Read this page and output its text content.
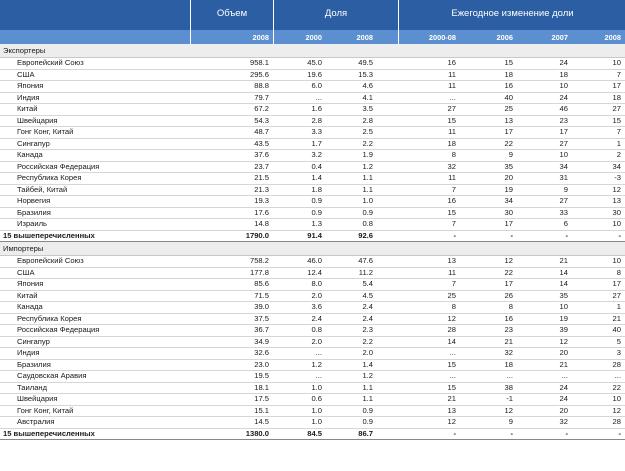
Объем	Доля	Ежегодное изменение доли
2008	2000	2008	2000-08	2006	2007	2008
Экспортеры
Европейский Союз	958.1	45.0	49.5	16	15	24	10
США	295.6	19.6	15.3	11	18	18	7
Япония	88.8	6.0	4.6	11	16	10	17
Индия	79.7	...	4.1	...	40	24	18
Китай	67.2	1.6	3.5	27	25	46	27
Швейцария	54.3	2.8	2.8	15	13	23	15
Гонг Конг, Китай	48.7	3.3	2.5	11	17	17	7
Сингапур	43.5	1.7	2.2	18	22	27	1
Канада	37.6	3.2	1.9	8	9	10	2
Российская Федерация	23.7	0.4	1.2	32	35	34	34
Республика Корея	21.5	1.4	1.1	11	20	31	-3
Тайбей, Китай	21.3	1.8	1.1	7	19	9	12
Норвегия	19.3	0.9	1.0	16	34	27	13
Бразилия	17.6	0.9	0.9	15	30	33	30
Израиль	14.8	1.3	0.8	7	17	6	10
15 вышеперечисленных	1790.0	91.4	92.6	-	-	-	-
Импортеры
Европейский Союз	758.2	46.0	47.6	13	12	21	10
США	177.8	12.4	11.2	11	22	14	8
Япония	85.6	8.0	5.4	7	17	14	17
Китай	71.5	2.0	4.5	25	26	35	27
Канада	39.0	3.6	2.4	8	8	10	1
Республика Корея	37.5	2.4	2.4	12	16	19	21
Российская Федерация	36.7	0.8	2.3	28	23	39	40
Сингапур	34.9	2.0	2.2	14	21	12	5
Индия	32.6	...	2.0	...	32	20	3
Бразилия	23.0	1.2	1.4	15	18	21	28
Саудовская Аравия	19.5	...	1.2	...	...	...	...
Таиланд	18.1	1.0	1.1	15	38	24	22
Швейцария	17.5	0.6	1.1	21	-1	24	10
Гонг Конг, Китай	15.1	1.0	0.9	13	12	20	12
Австралия	14.5	1.0	0.9	12	9	32	28
15 вышеперечисленных	1380.0	84.5	86.7	-	-	-	-
